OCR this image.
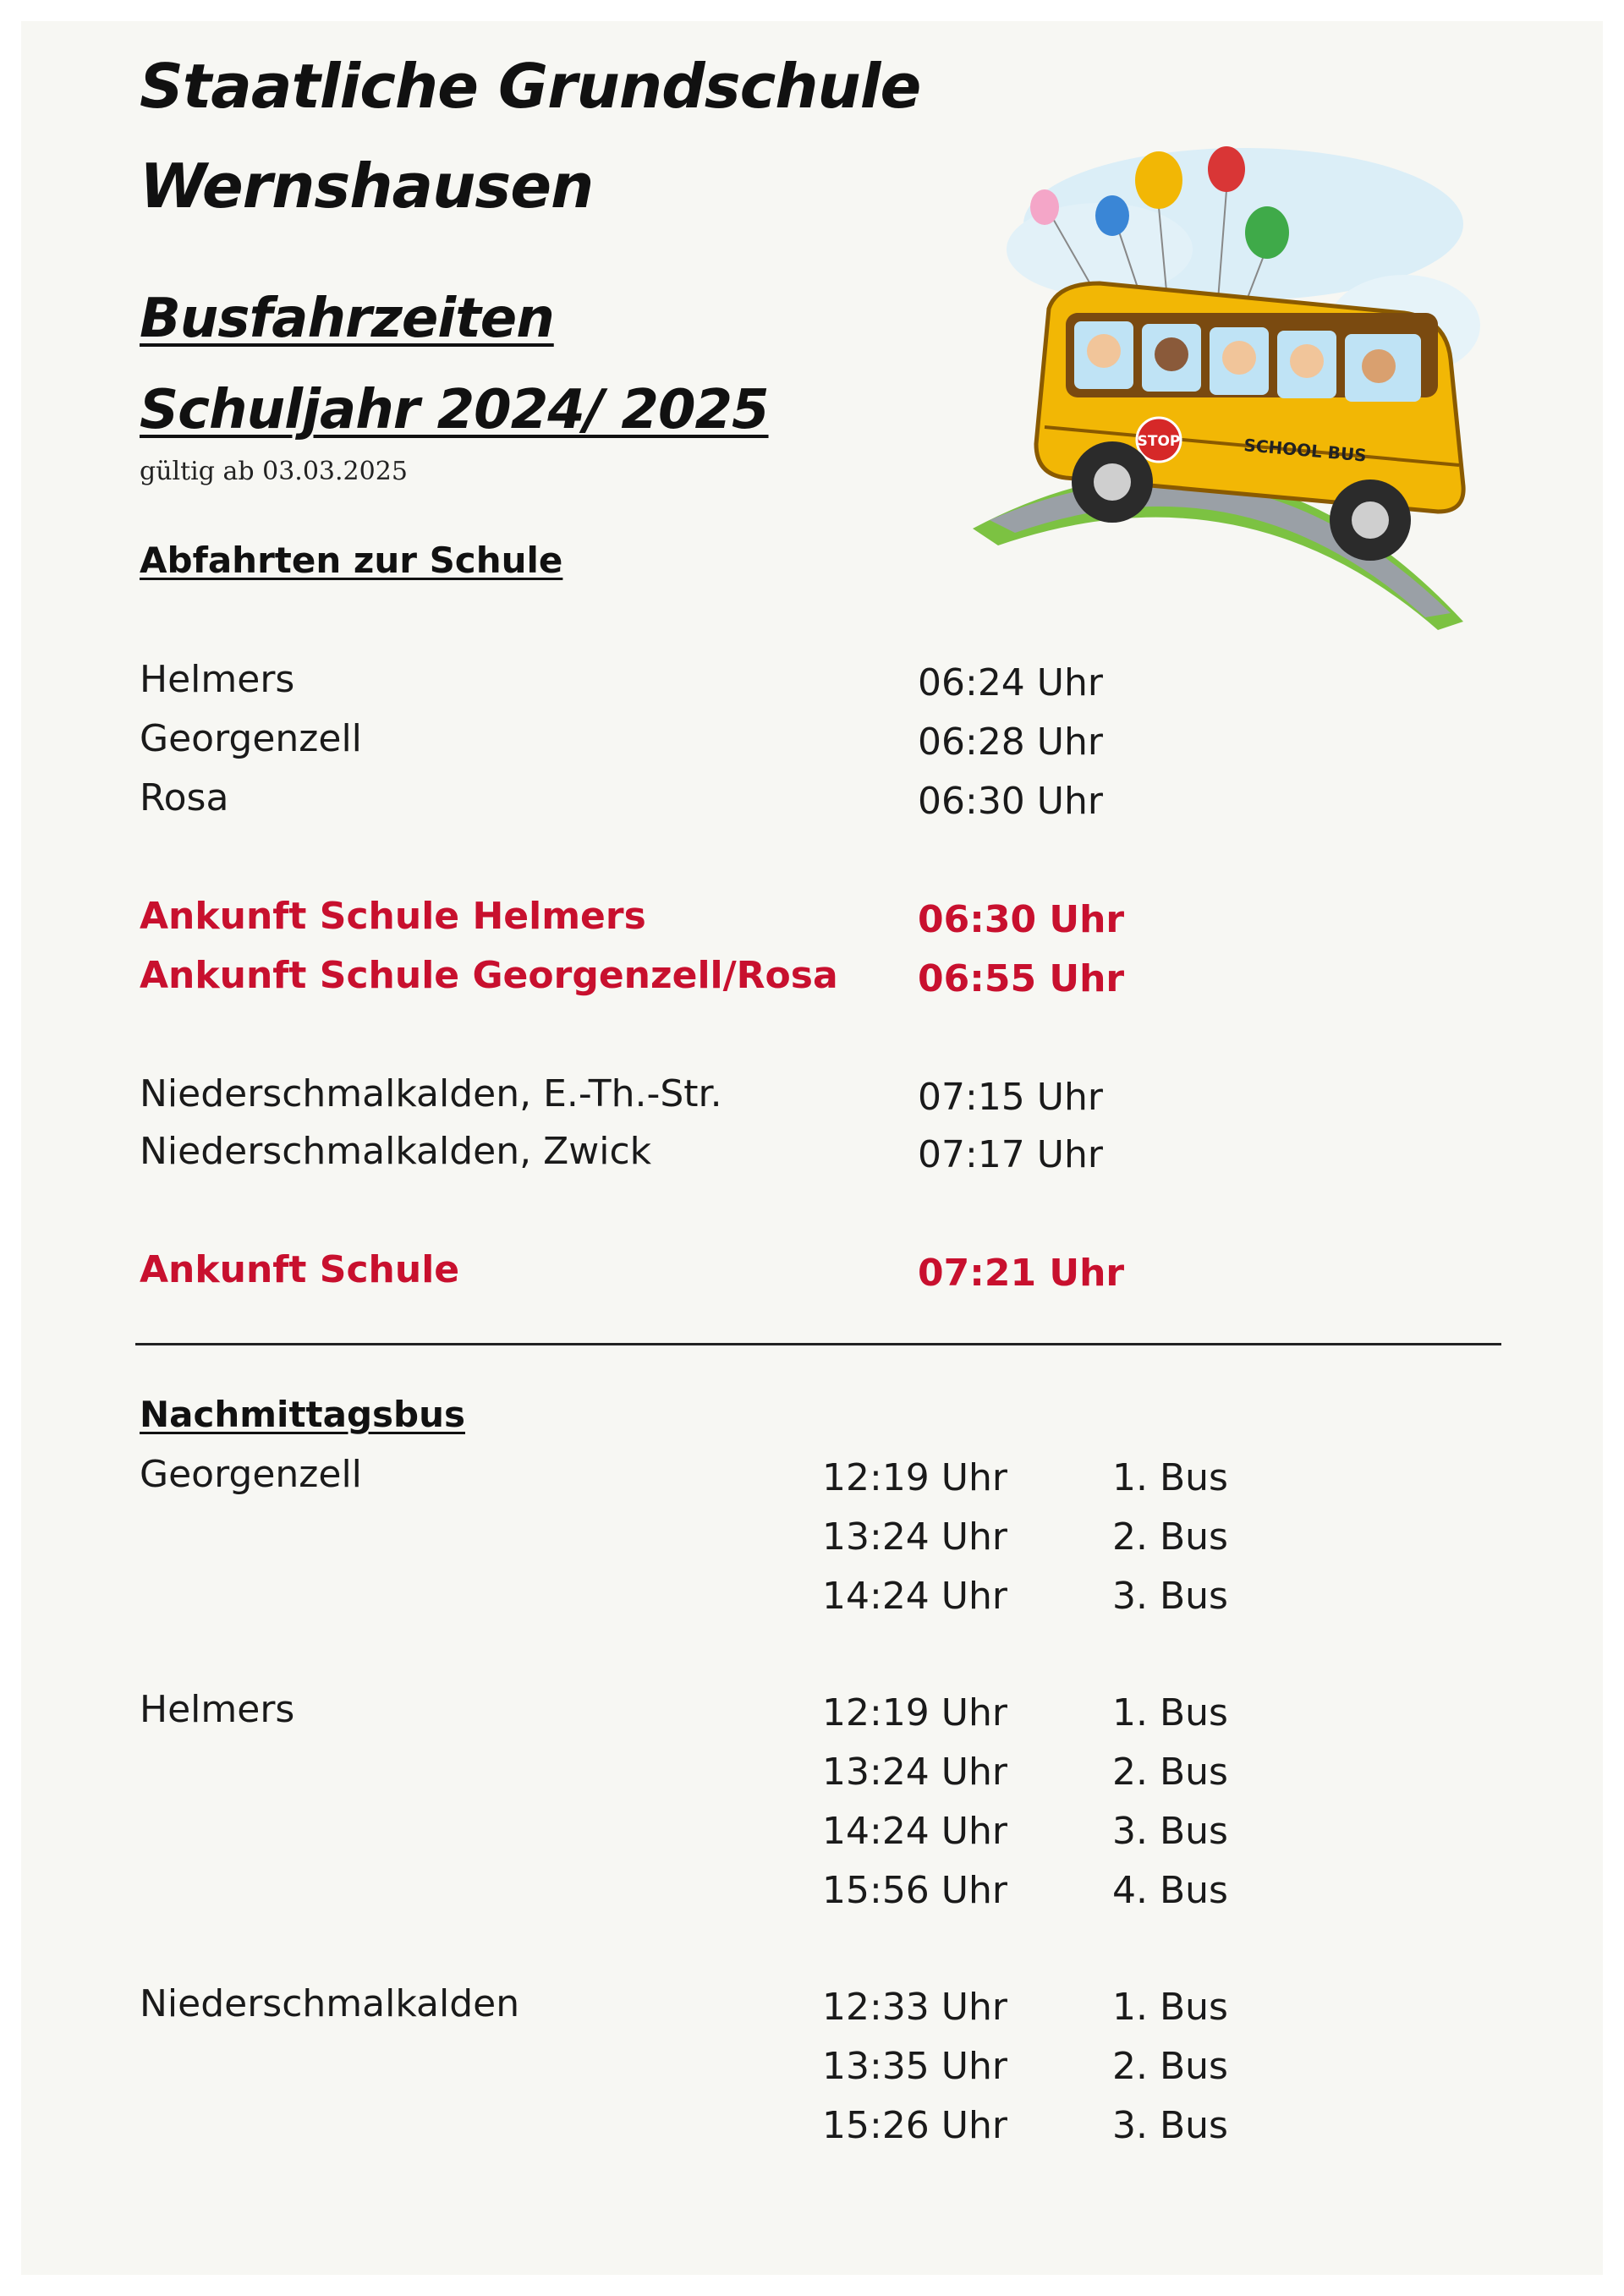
Staatliche Grundschule
Wernshausen
Busfahrzeiten
Schuljahr 2024/ 2025
gültig ab 03.03.2025
STOP	SCHOOL BUS
Abfahrten zur Schule
Helmers	06:24 Uhr
Georgenzell	06:28 Uhr
Rosa	06:30 Uhr
Ankunft Schule Helmers	06:30 Uhr
Ankunft Schule Georgenzell/Rosa 06:55 Uhr
Niederschmalkalden, E.-Th.-Str.	07:15 Uhr
Niederschmalkalden, Zwick	07:17 Uhr
Ankunft Schule	07:21 Uhr
Nachmittagsbus
Georgenzell	12:19 Uhr	1. Bus
13:24 Uhr	2. Bus
14:24 Uhr	3. Bus
Helmers	12:19 Uhr	1. Bus
13:24 Uhr	2. Bus
14:24 Uhr	3. Bus
15:56 Uhr	4. Bus
Niederschmalkalden	12:33 Uhr	1. Bus
13:35 Uhr	2. Bus
15:26 Uhr	3. Bus
